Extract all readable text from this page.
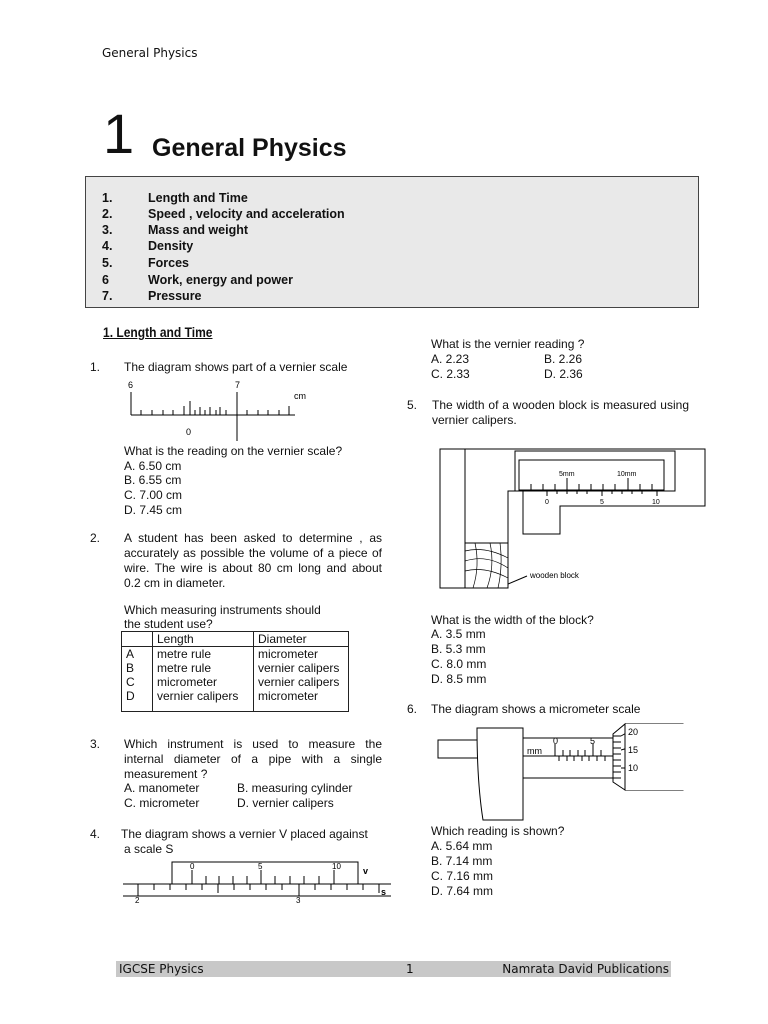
General Physics
1 General Physics
1.	Length and Time
2.	Speed , velocity and acceleration
3.	Mass and weight
4.	Density
5.	Forces
6	Work, energy and power
7.	Pressure
1. Length and Time
1. The diagram shows part of a vernier scale
6	7
cm
0
What is the reading on the vernier scale?
A. 6.50 cm
B. 6.55 cm
C. 7.00 cm
D. 7.45 cm
2. A student has been asked to determine , as accurately as possible the volume of a piece of wire. The wire is about 80 cm long and about 0.2 cm in diameter.
Which measuring instruments should
the student use?
	Length	Diameter
A	metre rule	micrometer
B	metre rule	vernier calipers
C	micrometer	vernier calipers
D	vernier calipers	micrometer
3. Which instrument is used to measure the internal diameter of a pipe with a single measurement ?
A. manometer	B. measuring cylinder
C. micrometer	D. vernier calipers
4. The diagram shows a vernier V placed against
a scale S
0	5	10 v
2	3
s
What is the vernier reading ?
A. 2.23	B. 2.26
C. 2.33	D. 2.36
5. The width of a wooden block is measured using vernier calipers.
5mm	10mm
0	5	10
wooden block
What is the width of the block?
A. 3.5 mm
B. 5.3 mm
C. 8.0 mm
D. 8.5 mm
6. The diagram shows a micrometer scale
mm
0	5
20
15
10
Which reading is shown?
A. 5.64 mm
B. 7.14 mm
C. 7.16 mm
D. 7.64 mm
IGCSE Physics	1	Namrata David Publications
